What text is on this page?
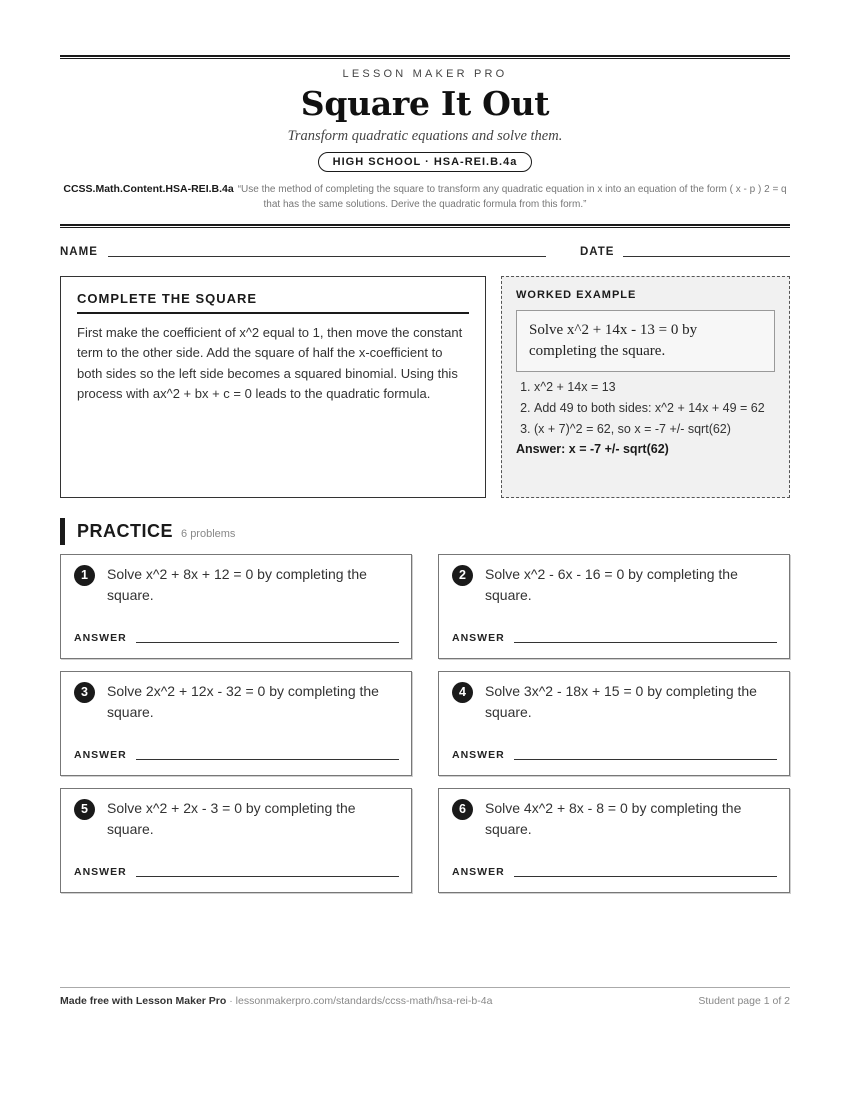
LESSON MAKER PRO
Square It Out
Transform quadratic equations and solve them.
HIGH SCHOOL · HSA-REI.B.4a
CCSS.Math.Content.HSA-REI.B.4a “Use the method of completing the square to transform any quadratic equation in x into an equation of the form ( x - p ) 2 = q that has the same solutions. Derive the quadratic formula from this form.”
NAME	DATE
COMPLETE THE SQUARE

First make the coefficient of x^2 equal to 1, then move the constant term to the other side. Add the square of half the x-coefficient to both sides so the left side becomes a squared binomial. Using this process with ax^2 + bx + c = 0 leads to the quadratic formula.

WORKED EXAMPLE
Solve x^2 + 14x - 13 = 0 by completing the square.
1. x^2 + 14x = 13
2. Add 49 to both sides: x^2 + 14x + 49 = 62
3. (x + 7)^2 = 62, so x = -7 +/- sqrt(62)
Answer: x = -7 +/- sqrt(62)
PRACTICE 6 problems
1	Solve x^2 + 8x + 12 = 0 by completing the square.
ANSWER
2	Solve x^2 - 6x - 16 = 0 by completing the square.
ANSWER
3	Solve 2x^2 + 12x - 32 = 0 by completing the square.
ANSWER
4	Solve 3x^2 - 18x + 15 = 0 by completing the square.
ANSWER
5	Solve x^2 + 2x - 3 = 0 by completing the square.
ANSWER
6	Solve 4x^2 + 8x - 8 = 0 by completing the square.
ANSWER
Made free with Lesson Maker Pro · lessonmakerpro.com/standards/ccss-math/hsa-rei-b-4a	Student page 1 of 2
